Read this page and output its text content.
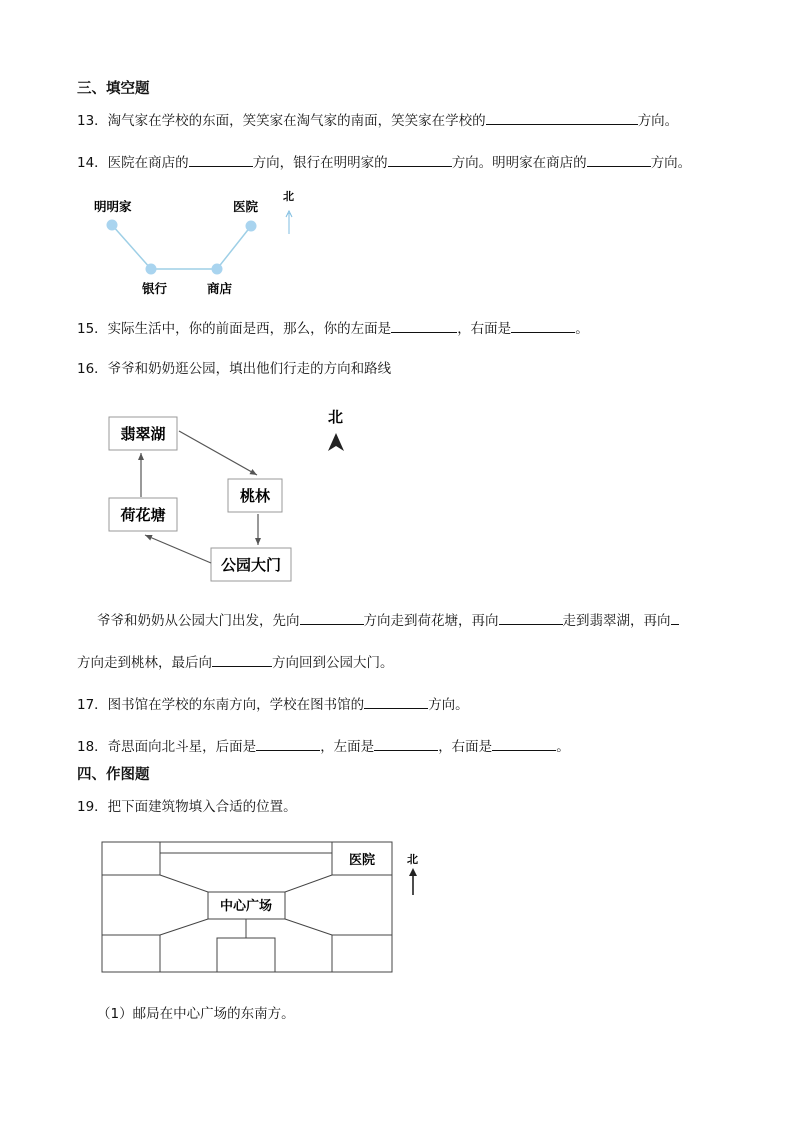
三、填空题
13．淘气家在学校的东面，笑笑家在淘气家的南面，笑笑家在学校的	方向。
14．医院在商店的	方向，银行在明明家的	方向。明明家在商店的	方向。
明明家	医院
银行	商店
北
15．实际生活中，你的前面是西，那么，你的左面是	，右面是	。
16．爷爷和奶奶逛公园，填出他们行走的方向和路线
翡翠湖
桃林
荷花塘
公园大门
北
爷爷和奶奶从公园大门出发，先向	方向走到荷花塘，再向	走到翡翠湖，再向
方向走到桃林，最后向	方向回到公园大门。
17．图书馆在学校的东南方向，学校在图书馆的	方向。
18．奇思面向北斗星，后面是	，左面是	，右面是	。
四、作图题
19．把下面建筑物填入合适的位置。
医院
中心广场
北
（1）邮局在中心广场的东南方。
